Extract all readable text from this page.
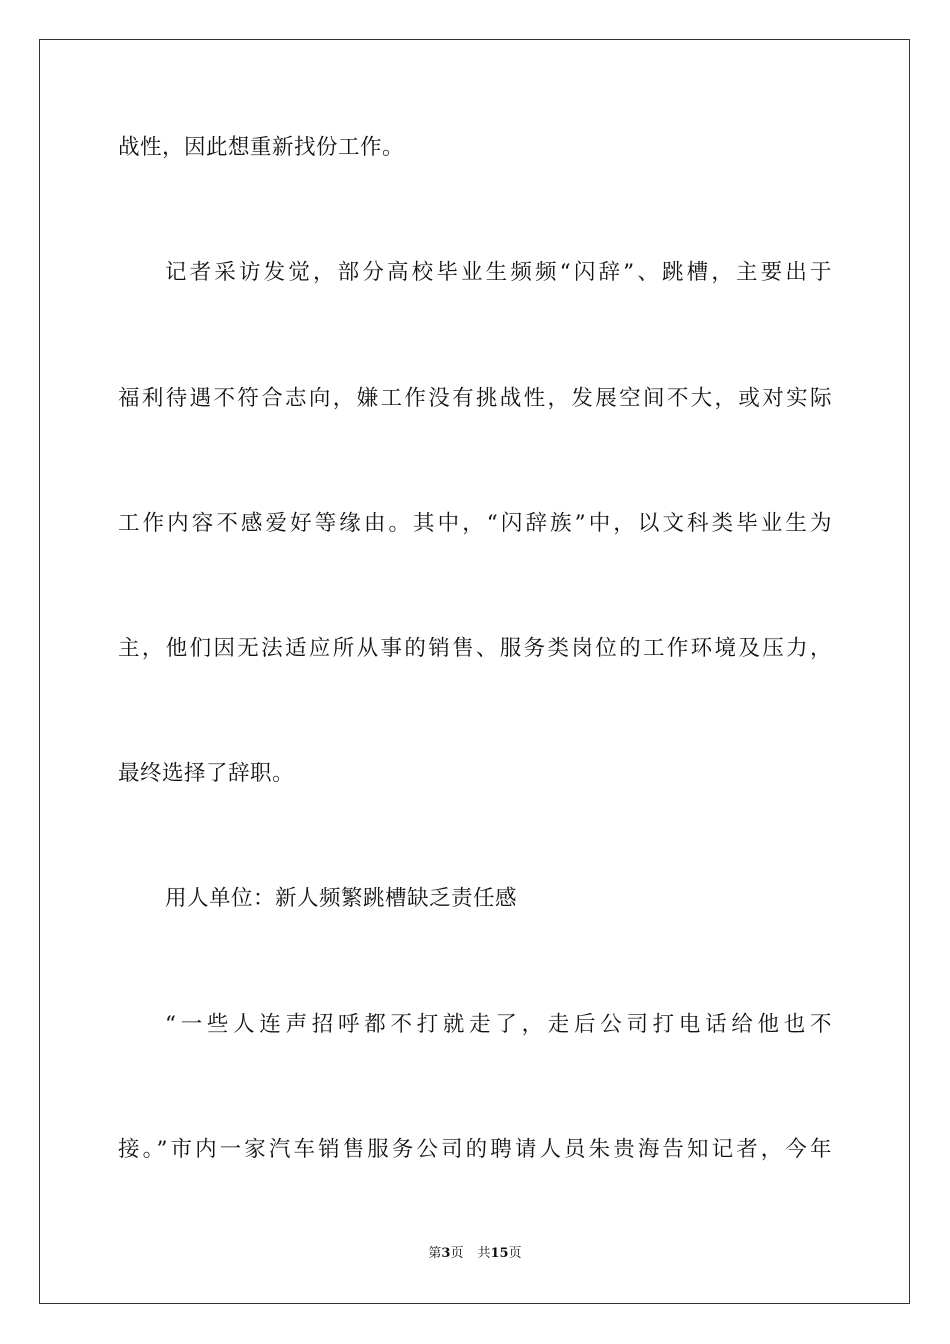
战性，因此想重新找份工作。
记者采访发觉，部分高校毕业生频频“闪辞”、跳槽，主要出于
福利待遇不符合志向，嫌工作没有挑战性，发展空间不大，或对实际
工作内容不感爱好等缘由。其中，“闪辞族”中，以文科类毕业生为
主，他们因无法适应所从事的销售、服务类岗位的工作环境及压力，
最终选择了辞职。
用人单位：新人频繁跳槽缺乏责任感
“一些人连声招呼都不打就走了，走后公司打电话给他也不
接。”市内一家汽车销售服务公司的聘请人员朱贵海告知记者，今年
第3页 共15页
